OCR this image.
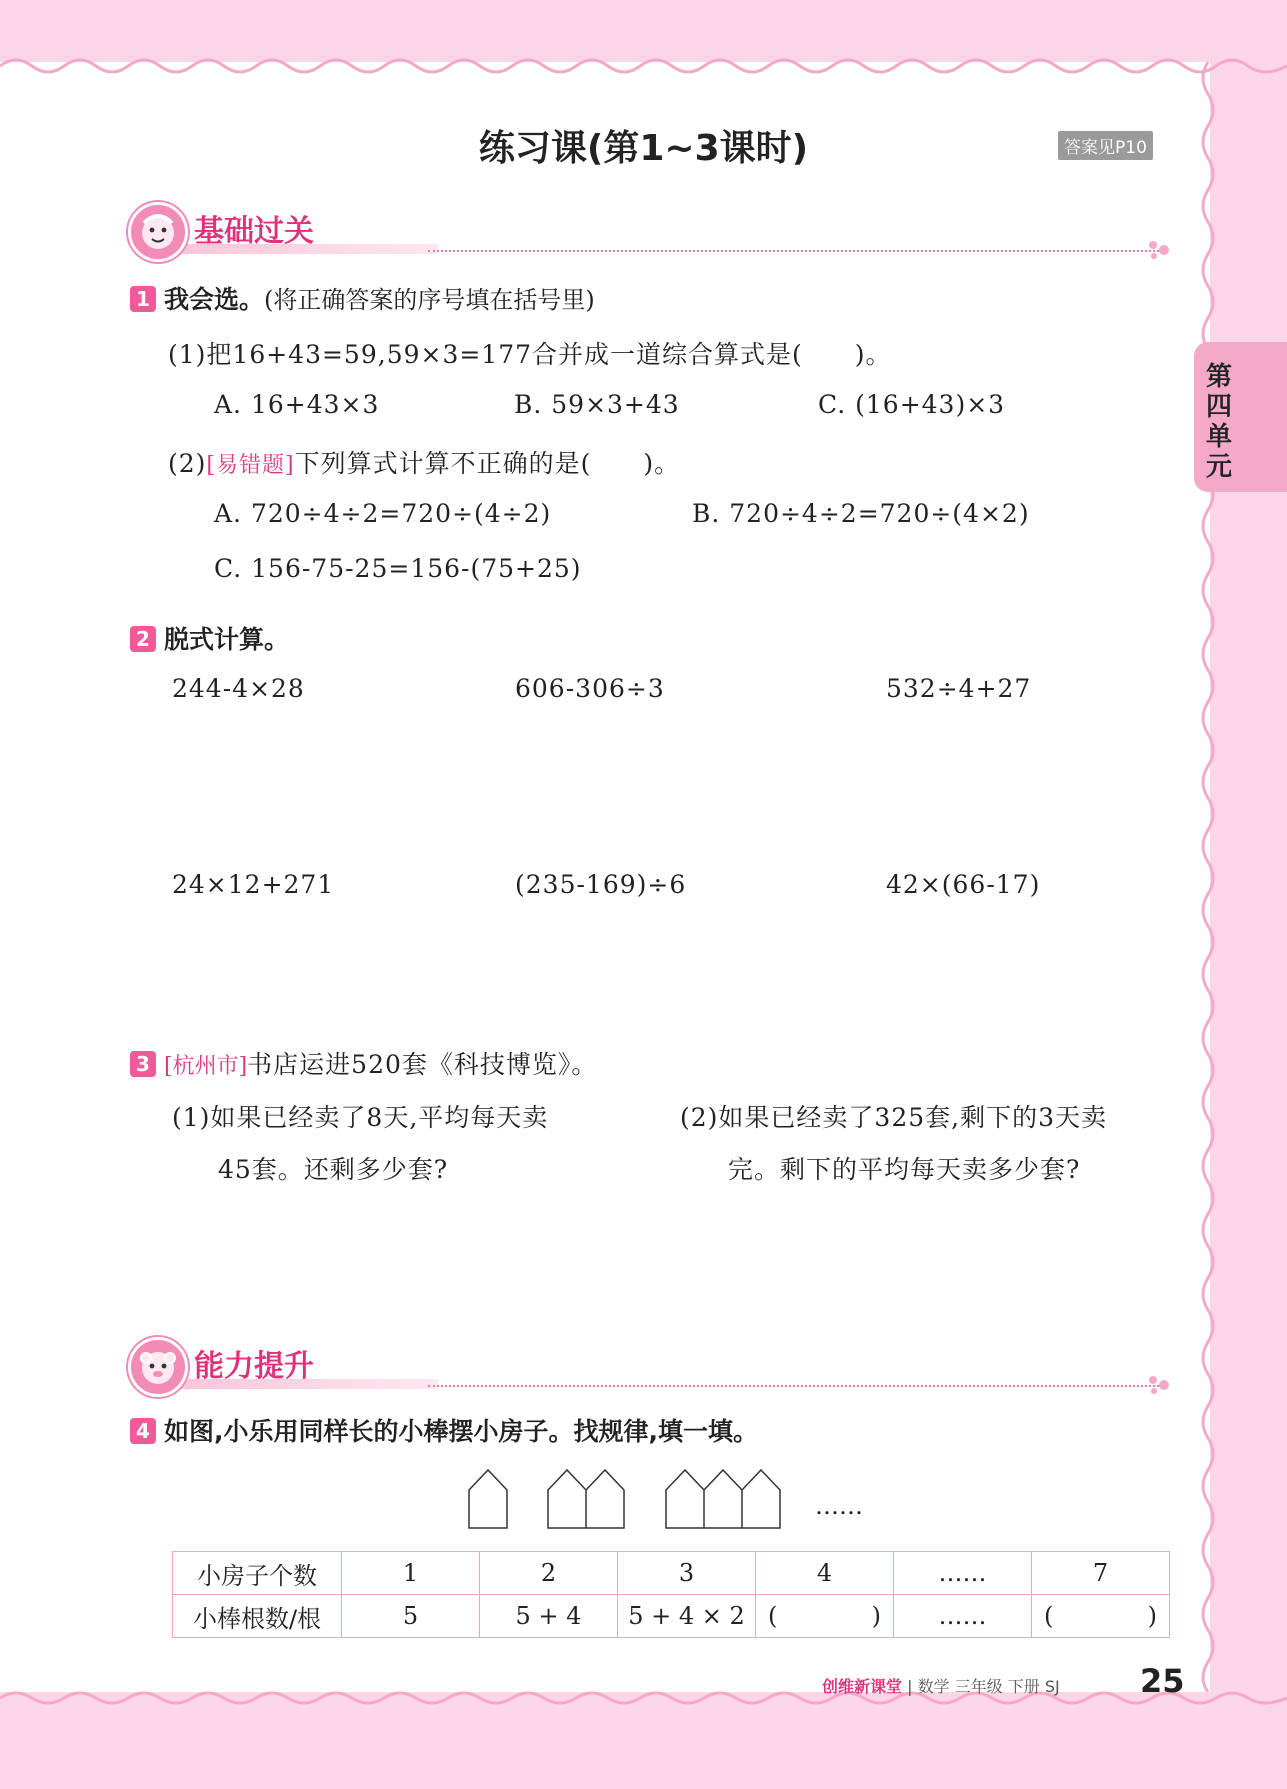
练习课(第1~3课时)	答案见P10
第四单元
基础过关
1 我会选。(将正确答案的序号填在括号里)
(1)把16+43=59,59×3=177合并成一道综合算式是(　　)。
A. 16+43×3	B. 59×3+43	C. (16+43)×3
(2)[易错题]下列算式计算不正确的是(　　)。
A. 720÷4÷2=720÷(4÷2)	B. 720÷4÷2=720÷(4×2)
C. 156-75-25=156-(75+25)
2 脱式计算。
244-4×28	606-306÷3	532÷4+27
24×12+271	(235-169)÷6	42×(66-17)
3 [杭州市]书店运进520套《科技博览》。
(1)如果已经卖了8天,平均每天卖
45套。还剩多少套?
(2)如果已经卖了325套,剩下的3天卖
完。剩下的平均每天卖多少套?
能力提升
4 如图,小乐用同样长的小棒摆小房子。找规律,填一填。
……
小房子个数	1	2	3	4	……	7
小棒根数/根	5	5 + 4	5 + 4 × 2	( )	……	( )
创维新课堂 | 数学 三年级 下册 SJ	25
